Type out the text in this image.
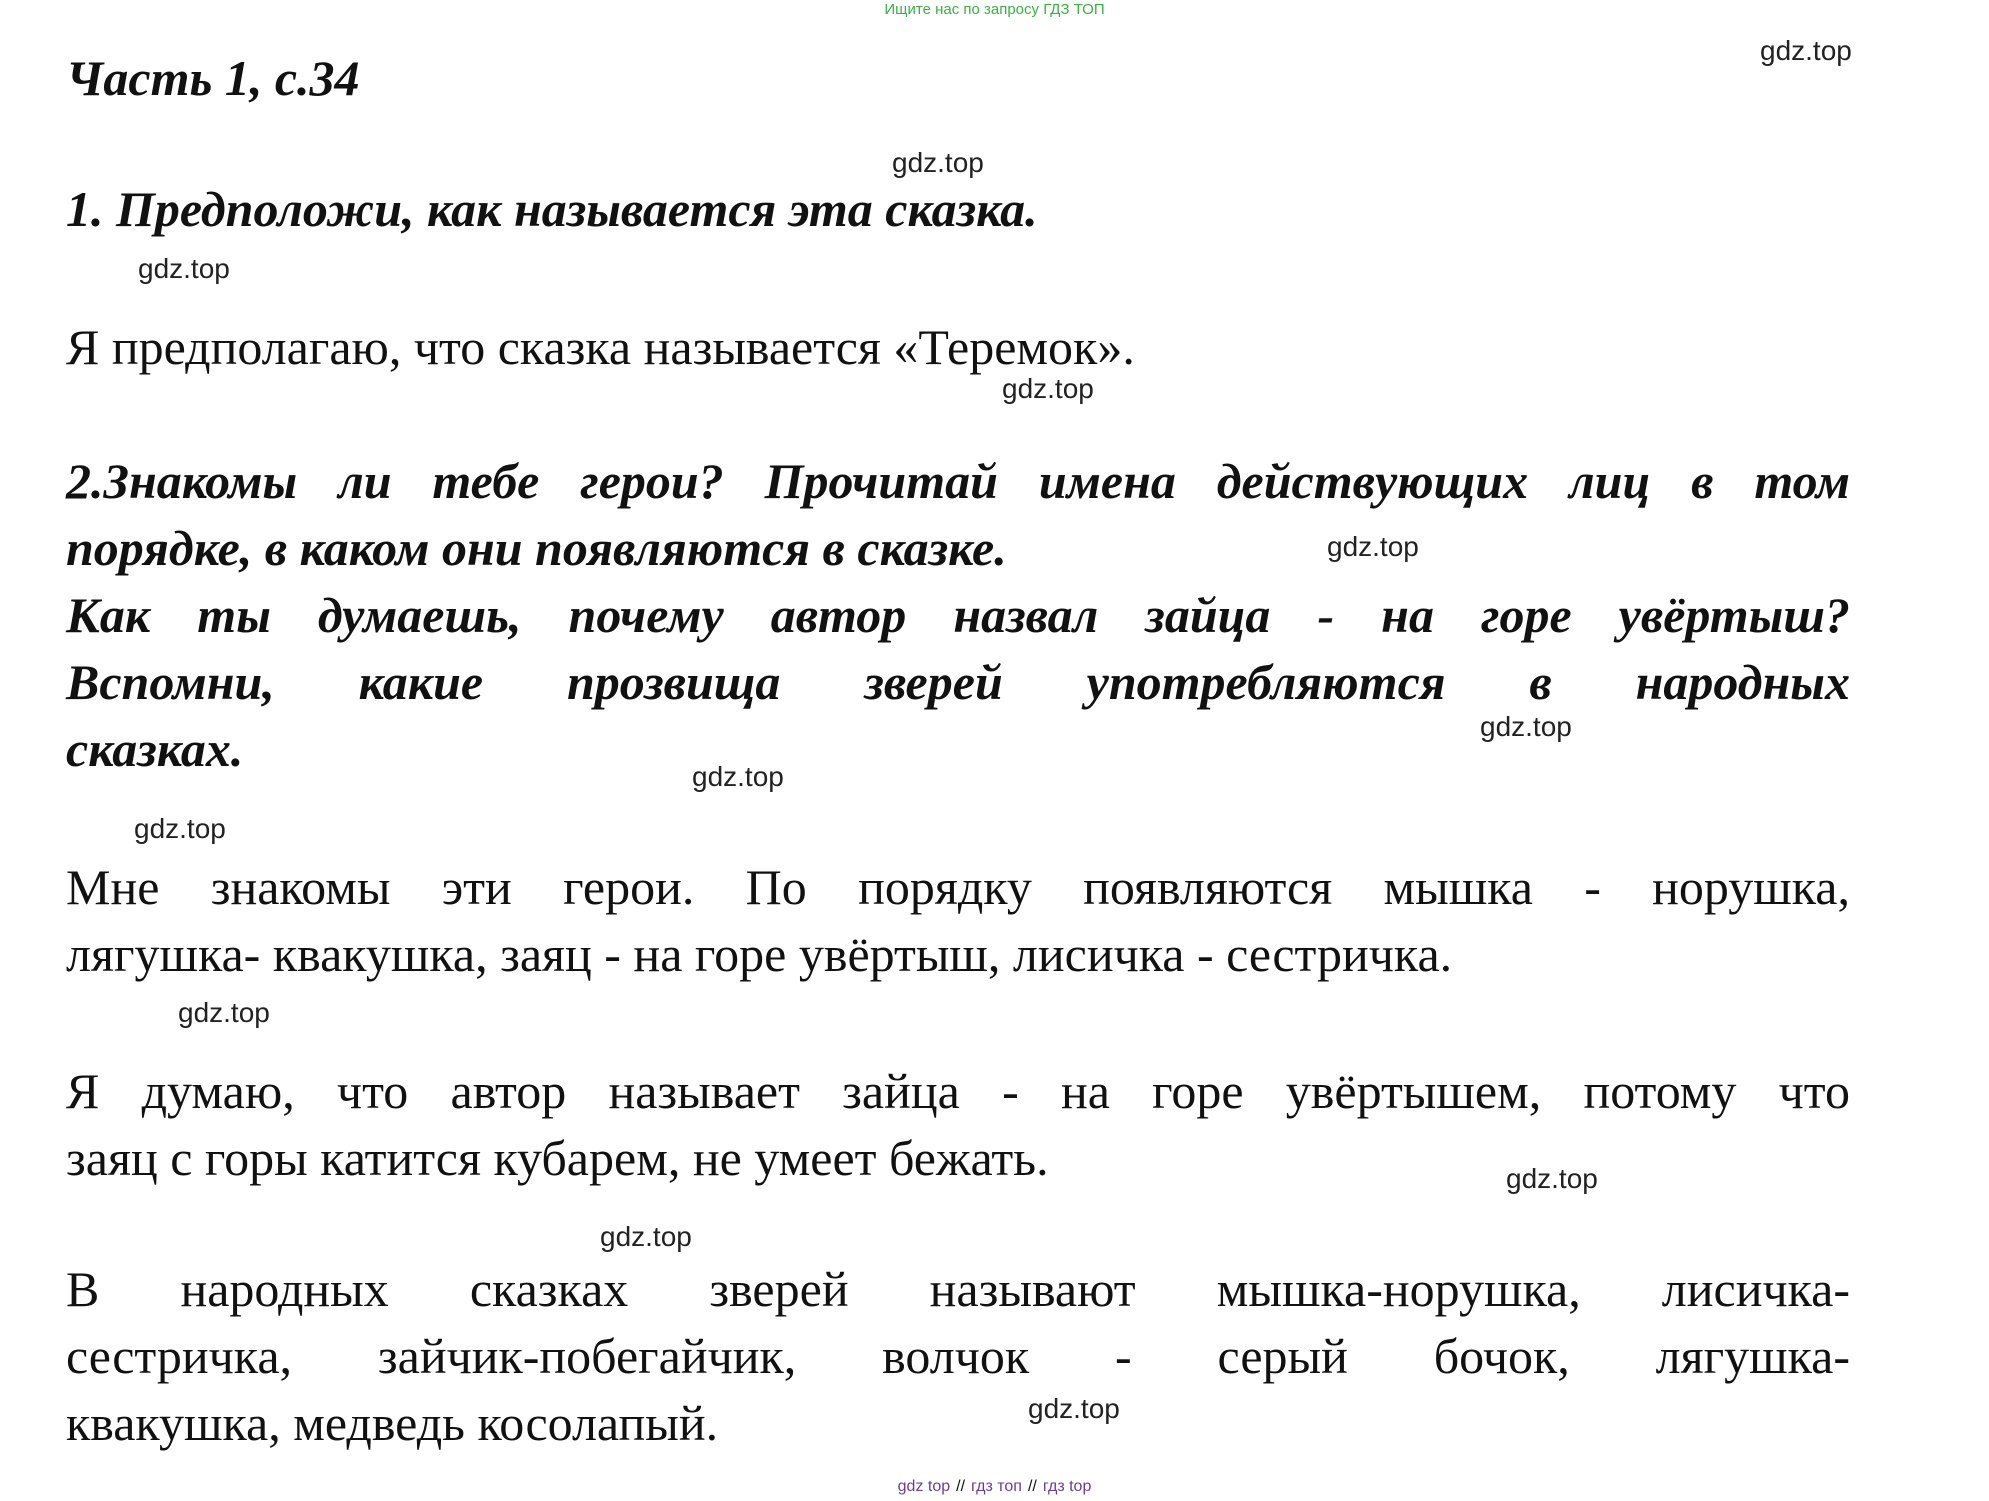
Ищите нас по запросу ГДЗ ТОП
Часть 1, с.34

1. Предположи, как называется эта сказка.

Я предполагаю, что сказка называется «Теремок».

2.Знакомы ли тебе герои? Прочитай имена действующих лиц в том
порядке, в каком они появляются в сказке.
Как ты думаешь, почему автор назвал зайца - на горе увёртыш?
Вспомни, какие прозвища зверей употребляются в народных
сказках.
Мне знакомы эти герои. По порядку появляются мышка - норушка,
лягушка- квакушка, заяц - на горе увёртыш, лисичка - сестричка.
Я думаю, что автор называет зайца - на горе увёртышем, потому что
заяц с горы катится кубарем, не умеет бежать.
В народных сказках зверей называют мышка-норушка, лисичка-
сестричка, зайчик-побегайчик, волчок - серый бочок, лягушка-
квакушка, медведь косолапый.
gdz.top
gdz.top
gdz.top
gdz.top
gdz.top
gdz.top
gdz.top
gdz.top
gdz.top
gdz.top
gdz.top
gdz.top
gdz top // гдз топ // гдз top
